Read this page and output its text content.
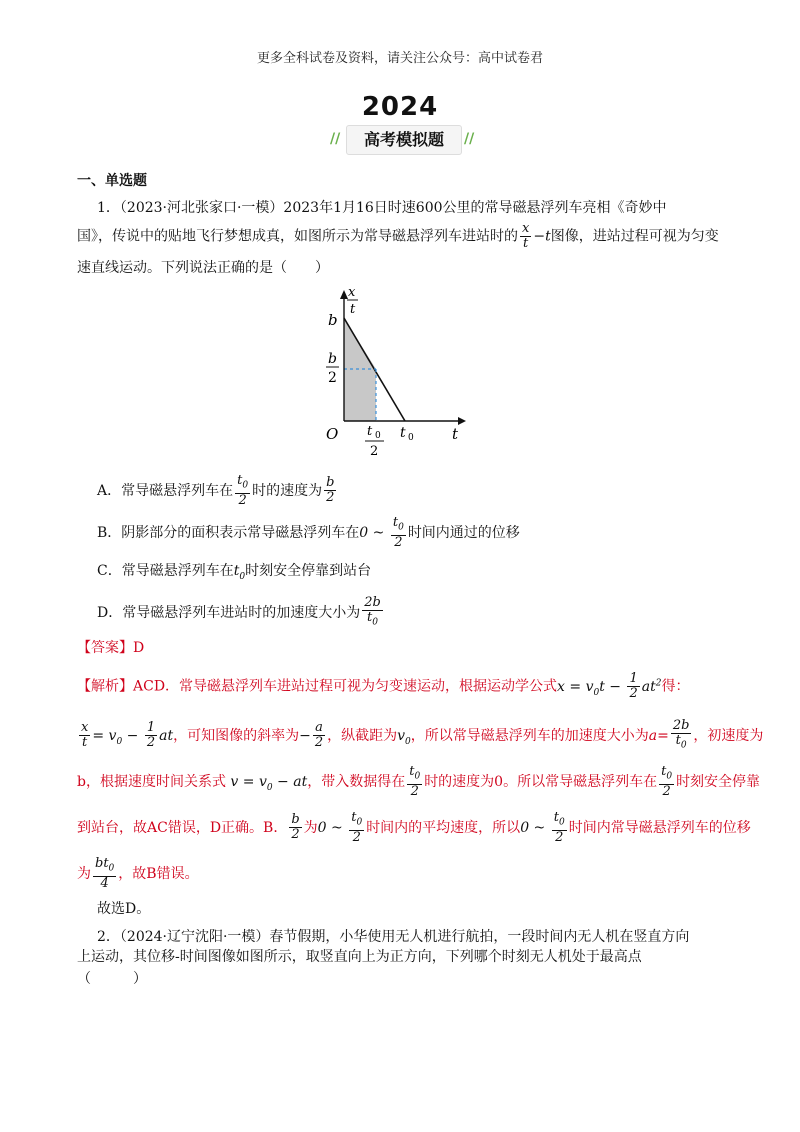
更多全科试卷及资料，请关注公众号：高中试卷君
2024
//	高考模拟题	//
一、单选题
1．（2023·河北张家口·一模）2023年1月16日时速600公里的常导磁悬浮列车亮相《奇妙中
国》，传说中的贴地飞行梦想成真，如图所示为常导磁悬浮列车进站时的 $\frac{x}{t} -t$图像，进站过程可视为匀变
速直线运动。下列说法正确的是（　　）
x
t
b
b
2
O t 0
2
t 0	t
A．常导磁悬浮列车在 $\frac{t_0}{2}$ 时的速度为 $\frac{b}{2}$
B．阴影部分的面积表示常导磁悬浮列车在0 ~ $\frac{t_0}{2}$ 时间内通过的位移
C．常导磁悬浮列车在$t_0$时刻安全停靠到站台
D．常导磁悬浮列车进站时的加速度大小为 $\frac{2b}{t_0}$
【答案】D
【解析】ACD．常导磁悬浮列车进站过程可视为匀变速运动，根据运动学公式$x = v_0t - \frac{1}{2} at^2$得：
$\frac{x}{t} = v_0 - \frac{1}{2}$ at，可知图像的斜率为− $\frac{a}{2}$ ，纵截距为$v_0$，所以常导磁悬浮列车的加速度大小为$a= \frac{2b}{t_0}$ ，初速度为
b，根据速度时间关系式 $v = v_0$ − at，带入数据得在 $\frac{t_0}{2}$ 时的速度为0。所以常导磁悬浮列车在 $\frac{t_0}{2}$ 时刻安全停靠
到站台，故AC错误，D正确。B． $\frac{b}{2}$ 为0 ~ $\frac{t_0}{2}$ 时间内的平均速度，所以0 ~ $\frac{t_0}{2}$ 时间内常导磁悬浮列车的位移
为 $\frac{bt_0}{4}$ ，故B错误。
故选D。
2．（2024·辽宁沈阳·一模）春节假期，小华使用无人机进行航拍，一段时间内无人机在竖直方向
上运动，其位移-时间图像如图所示，取竖直向上为正方向，下列哪个时刻无人机处于最高点
（　　　）
